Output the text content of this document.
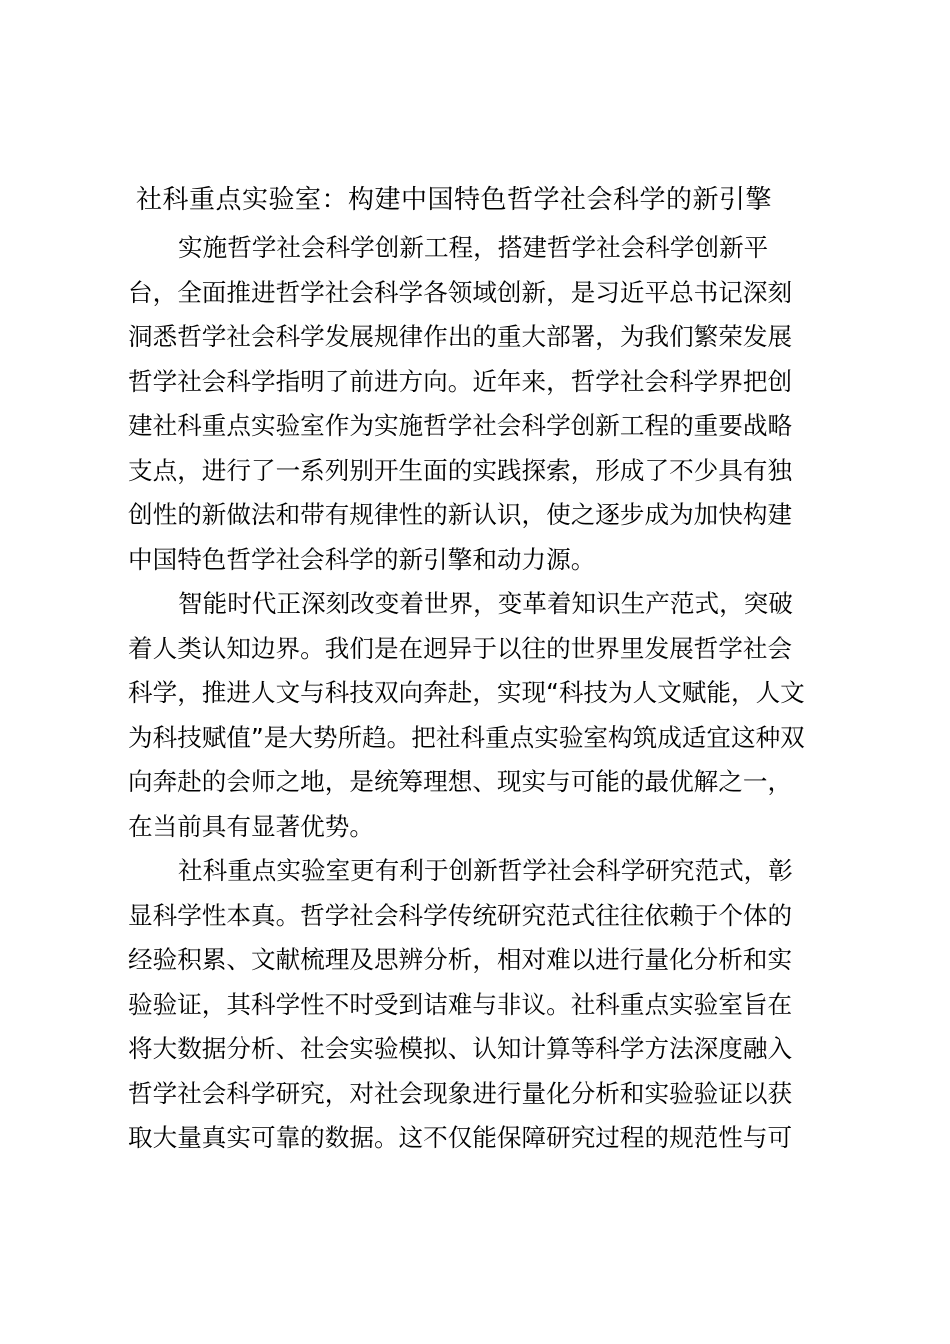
社科重点实验室：构建中国特色哲学社会科学的新引擎
实施哲学社会科学创新工程，搭建哲学社会科学创新平
台，全面推进哲学社会科学各领域创新，是习近平总书记深刻
洞悉哲学社会科学发展规律作出的重大部署，为我们繁荣发展
哲学社会科学指明了前进方向。近年来，哲学社会科学界把创
建社科重点实验室作为实施哲学社会科学创新工程的重要战略
支点，进行了一系列别开生面的实践探索，形成了不少具有独
创性的新做法和带有规律性的新认识，使之逐步成为加快构建
中国特色哲学社会科学的新引擎和动力源。
智能时代正深刻改变着世界，变革着知识生产范式，突破
着人类认知边界。我们是在迥异于以往的世界里发展哲学社会
科学，推进人文与科技双向奔赴，实现“科技为人文赋能，人文
为科技赋值”是大势所趋。把社科重点实验室构筑成适宜这种双
向奔赴的会师之地，是统筹理想、现实与可能的最优解之一，
在当前具有显著优势。
社科重点实验室更有利于创新哲学社会科学研究范式，彰
显科学性本真。哲学社会科学传统研究范式往往依赖于个体的
经验积累、文献梳理及思辨分析，相对难以进行量化分析和实
验验证，其科学性不时受到诘难与非议。社科重点实验室旨在
将大数据分析、社会实验模拟、认知计算等科学方法深度融入
哲学社会科学研究，对社会现象进行量化分析和实验验证以获
取大量真实可靠的数据。这不仅能保障研究过程的规范性与可
